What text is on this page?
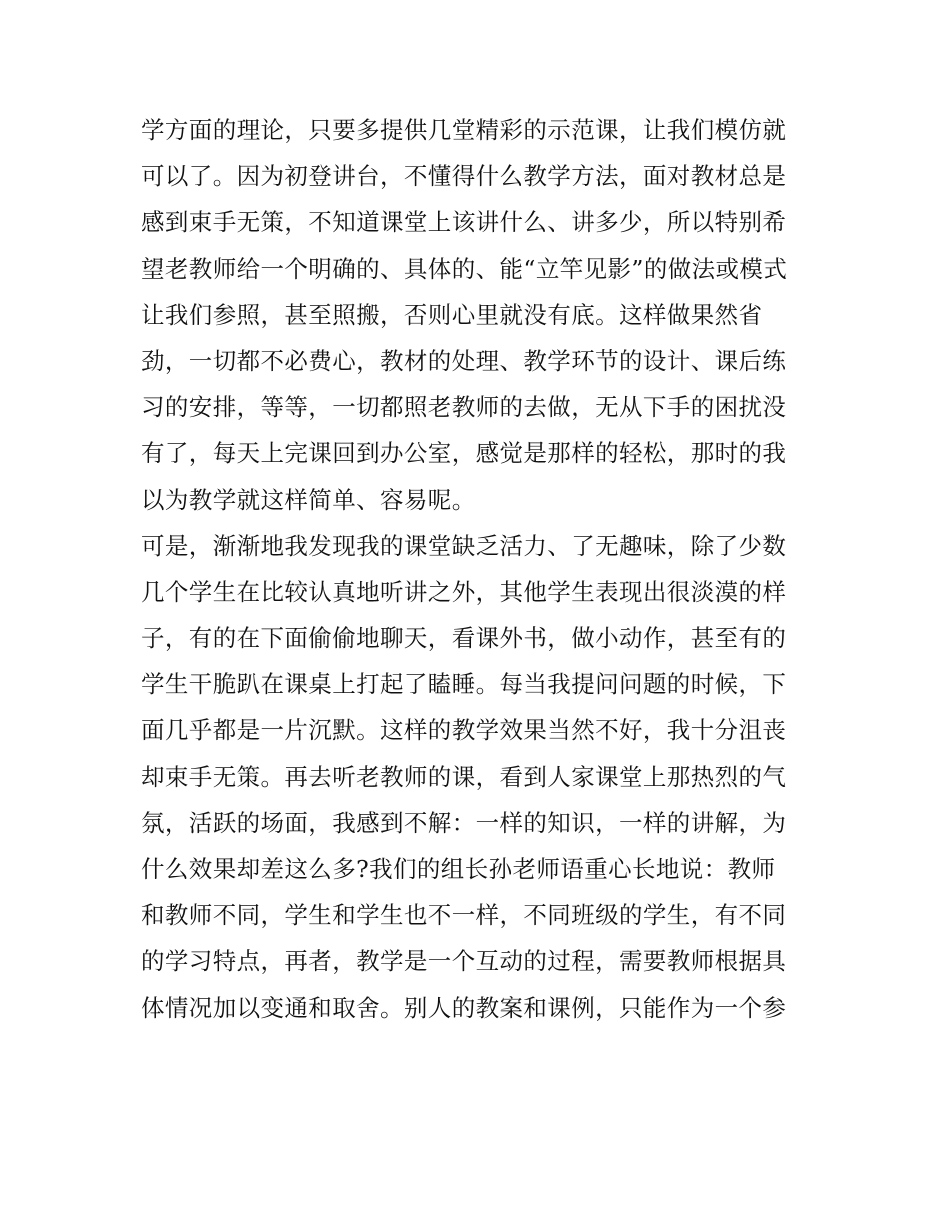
学方面的理论，只要多提供几堂精彩的示范课，让我们模仿就
可以了。因为初登讲台，不懂得什么教学方法，面对教材总是
感到束手无策，不知道课堂上该讲什么、讲多少，所以特别希
望老教师给一个明确的、具体的、能“立竿见影”的做法或模式
让我们参照，甚至照搬，否则心里就没有底。这样做果然省
劲，一切都不必费心，教材的处理、教学环节的设计、课后练
习的安排，等等，一切都照老教师的去做，无从下手的困扰没
有了，每天上完课回到办公室，感觉是那样的轻松，那时的我
以为教学就这样简单、容易呢。
可是，渐渐地我发现我的课堂缺乏活力、了无趣味，除了少数
几个学生在比较认真地听讲之外，其他学生表现出很淡漠的样
子，有的在下面偷偷地聊天，看课外书，做小动作，甚至有的
学生干脆趴在课桌上打起了瞌睡。每当我提问问题的时候，下
面几乎都是一片沉默。这样的教学效果当然不好，我十分沮丧
却束手无策。再去听老教师的课，看到人家课堂上那热烈的气
氛，活跃的场面，我感到不解：一样的知识，一样的讲解，为
什么效果却差这么多?我们的组长孙老师语重心长地说：教师
和教师不同，学生和学生也不一样，不同班级的学生，有不同
的学习特点，再者，教学是一个互动的过程，需要教师根据具
体情况加以变通和取舍。别人的教案和课例，只能作为一个参
